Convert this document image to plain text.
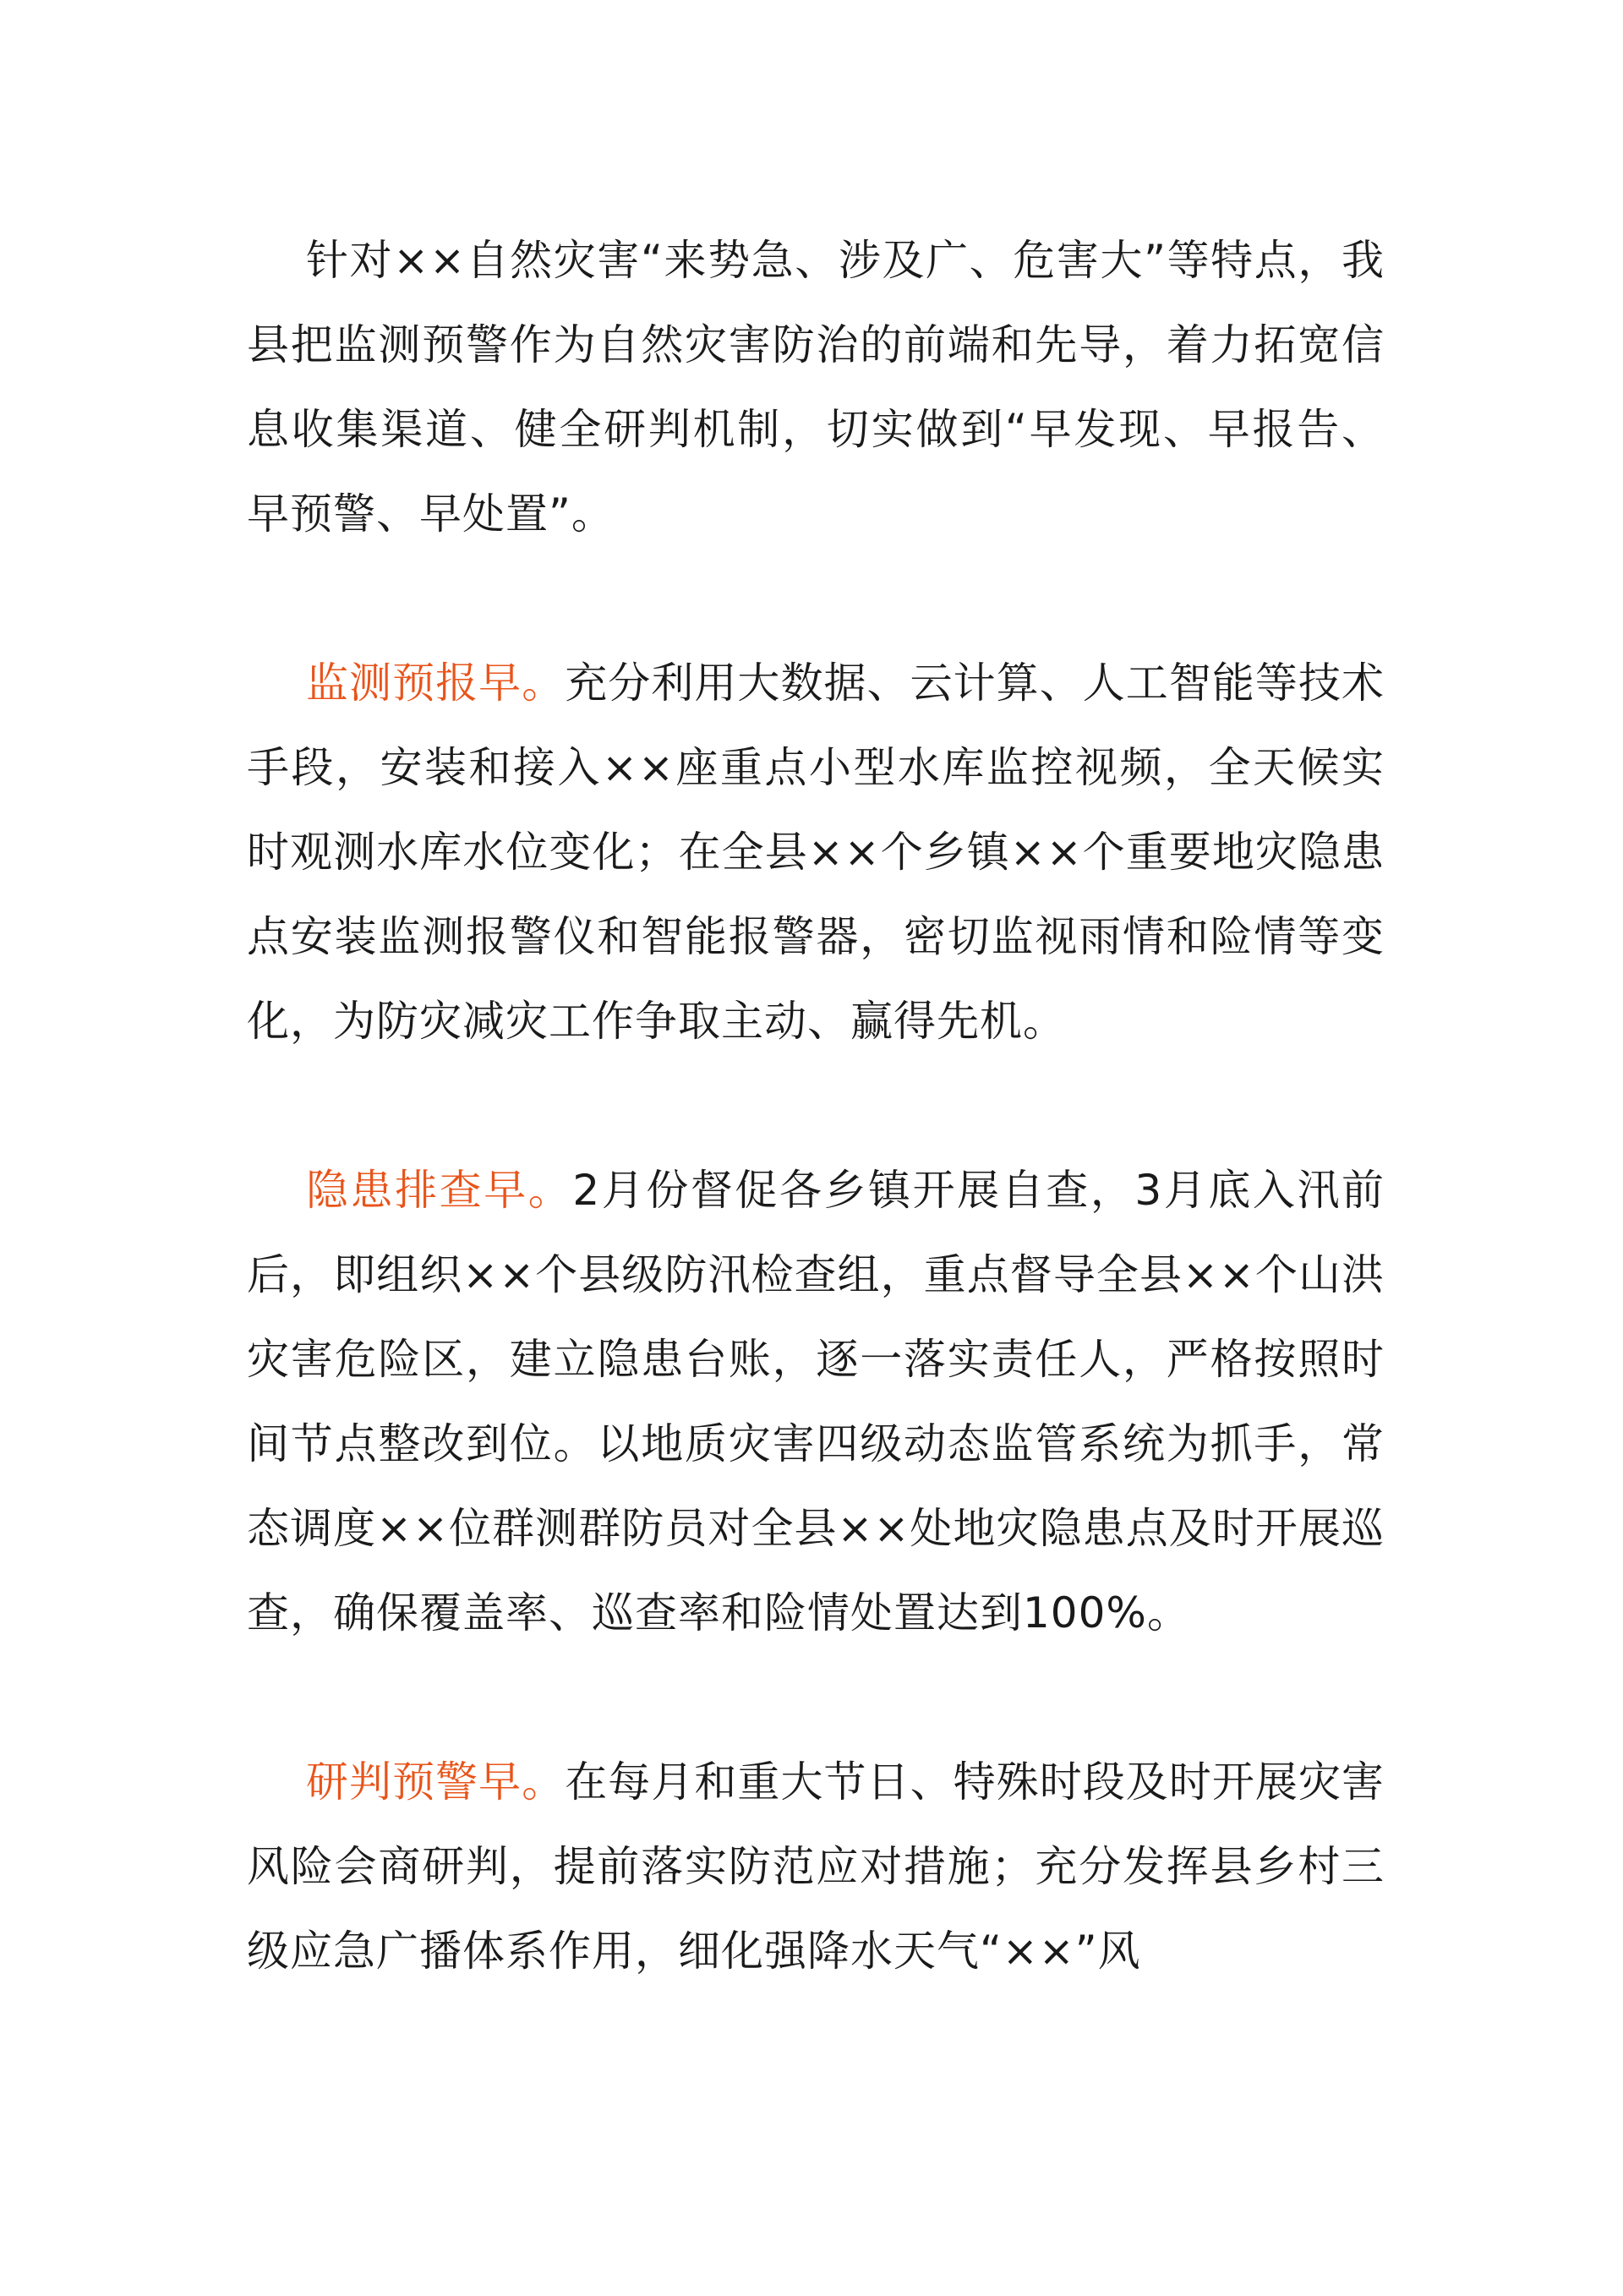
针对××自然灾害“来势急、涉及广、危害大”等特点，我县把监测预警作为自然灾害防治的前端和先导，着力拓宽信息收集渠道、健全研判机制，切实做到“早发现、早报告、早预警、早处置”。

监测预报早。充分利用大数据、云计算、人工智能等技术手段，安装和接入××座重点小型水库监控视频，全天候实时观测水库水位变化；在全县××个乡镇××个重要地灾隐患点安装监测报警仪和智能报警器，密切监视雨情和险情等变化，为防灾减灾工作争取主动、赢得先机。

隐患排查早。2月份督促各乡镇开展自查，3月底入汛前后，即组织××个县级防汛检查组，重点督导全县××个山洪灾害危险区，建立隐患台账，逐一落实责任人，严格按照时间节点整改到位。以地质灾害四级动态监管系统为抓手，常态调度××位群测群防员对全县××处地灾隐患点及时开展巡查，确保覆盖率、巡查率和险情处置达到100%。

研判预警早。在每月和重大节日、特殊时段及时开展灾害风险会商研判，提前落实防范应对措施；充分发挥县乡村三级应急广播体系作用，细化强降水天气“××”风
